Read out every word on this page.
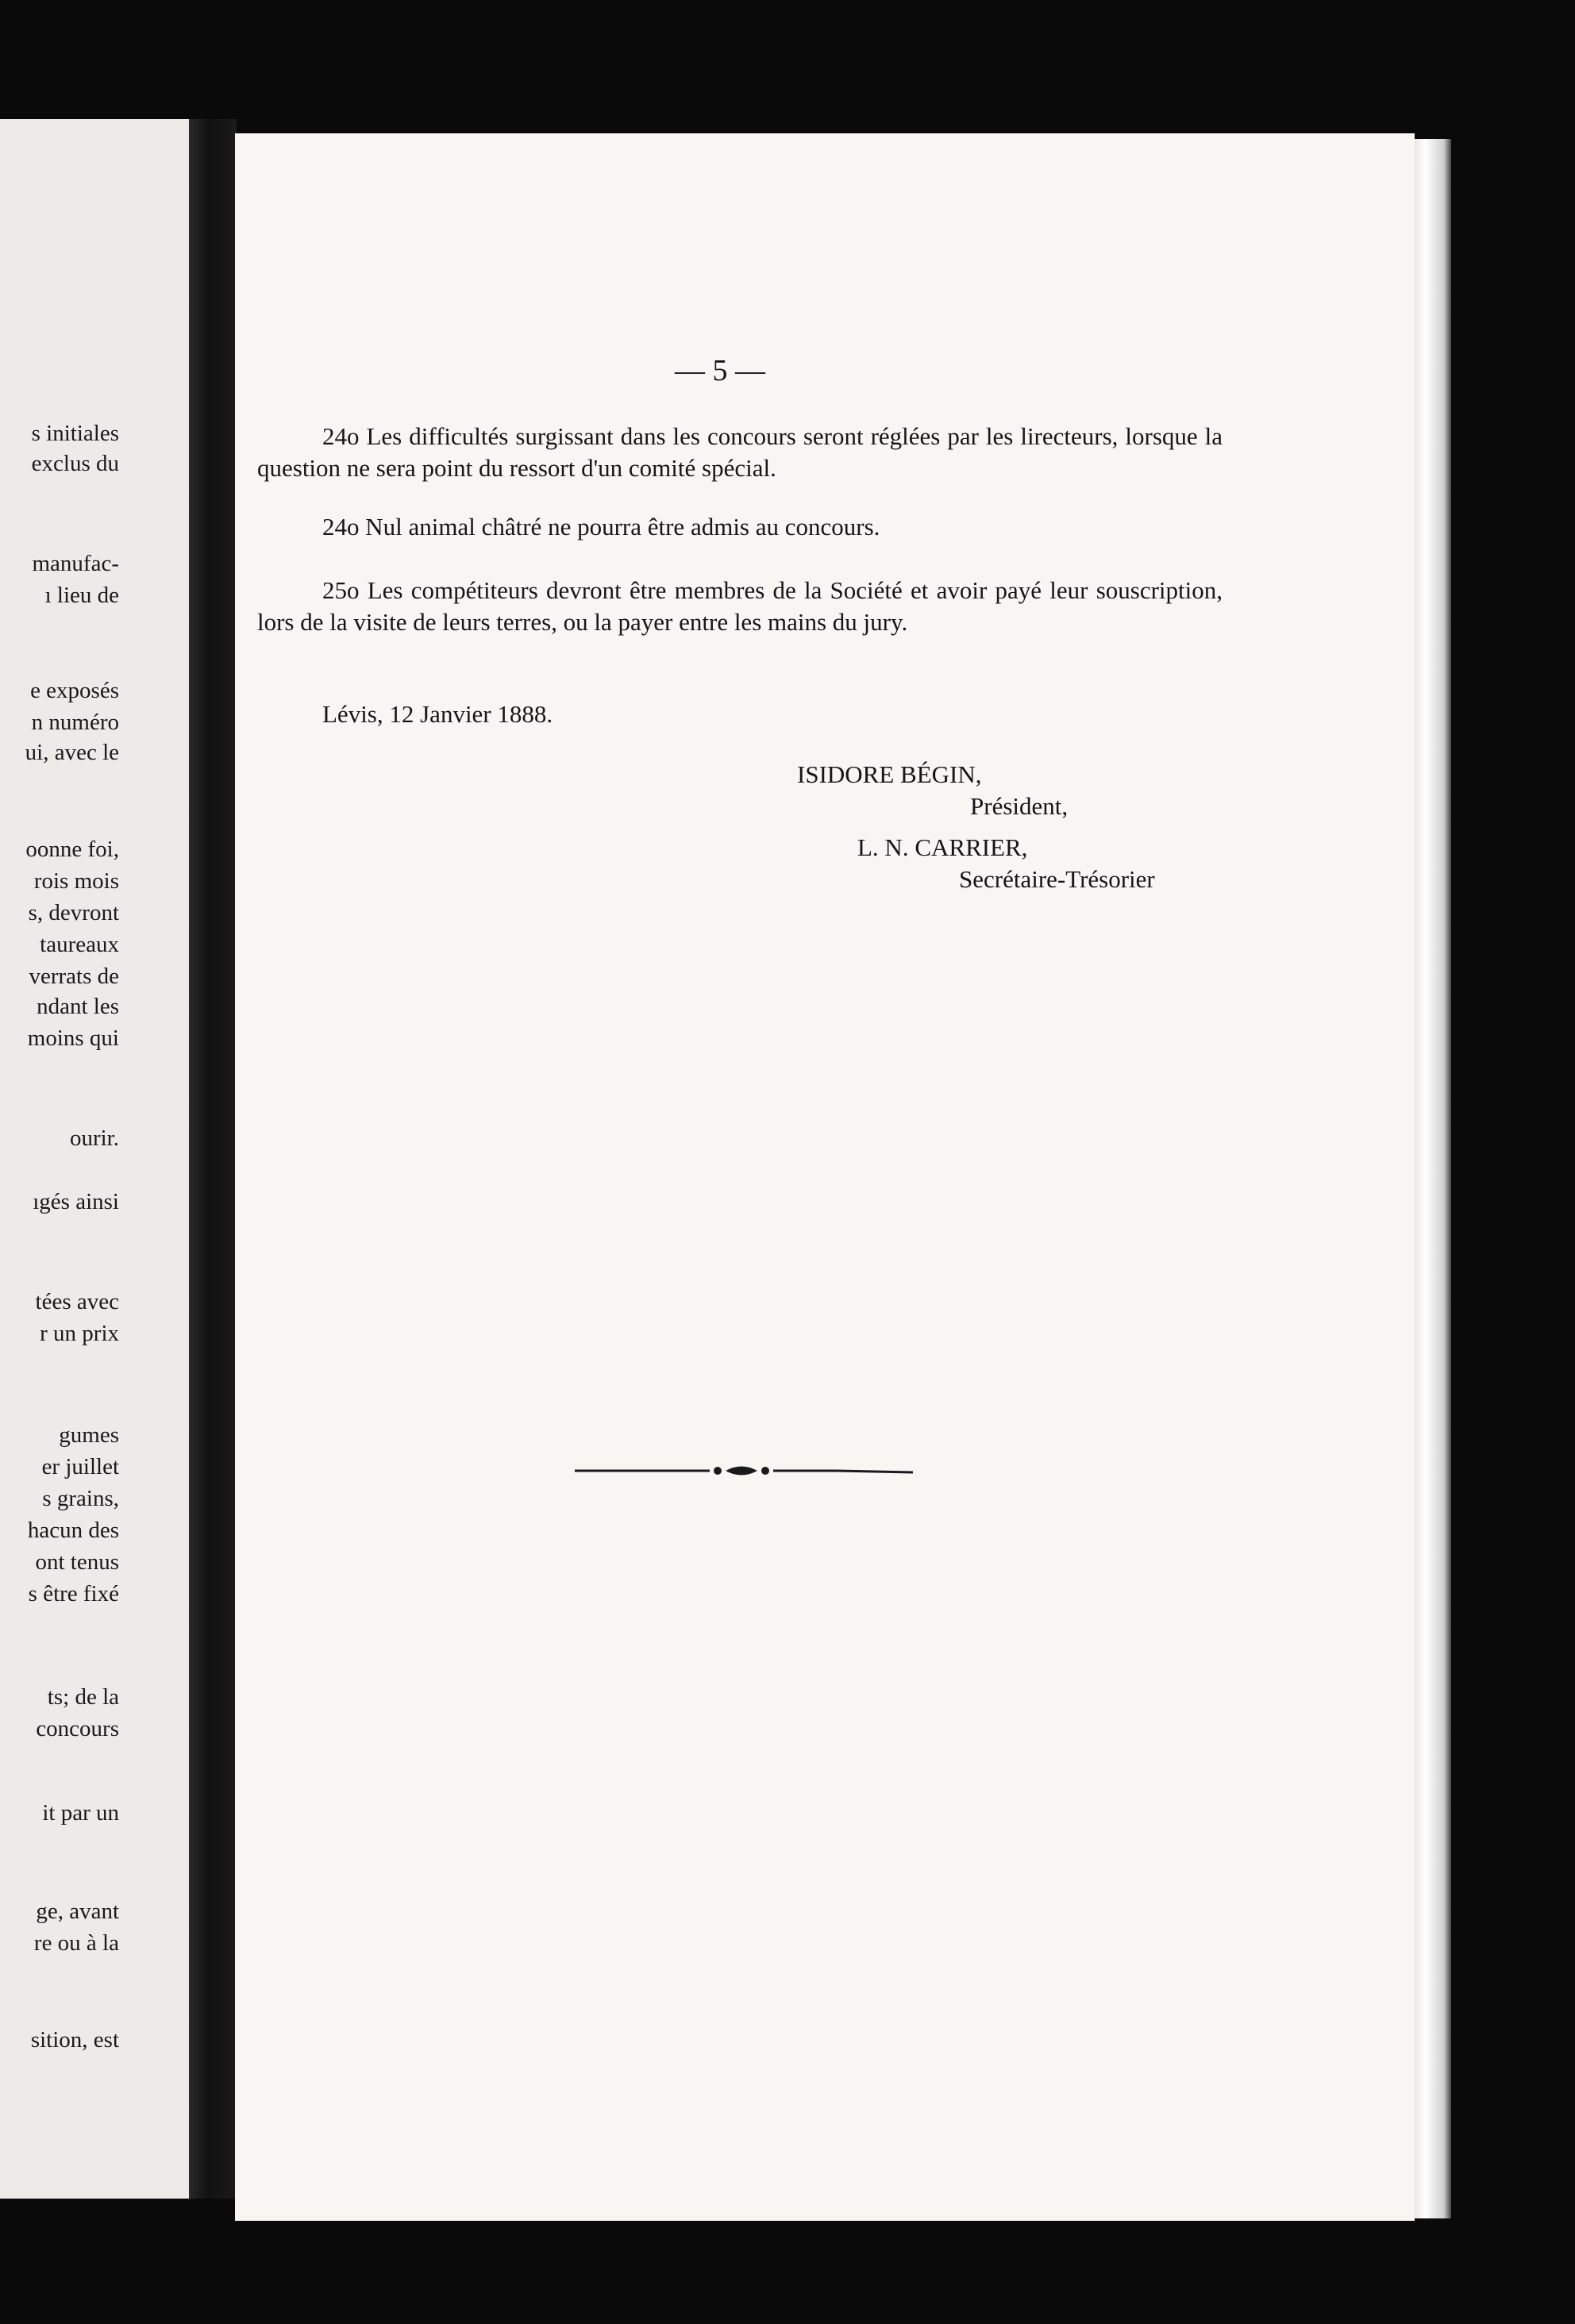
s initiales
exclus du
manufac-
ı lieu de
e exposés
n numéro
ui, avec le
oonne foi,
rois mois
s, devront
taureaux
verrats de
ndant les
moins qui
ourir.
ıgés ainsi
tées avec
r un prix
gumes
er juillet
s grains,
hacun des
ont tenus
s être fixé
ts; de la
concours
it par un
ge, avant
re ou à la
sition, est
— 5 —
24o Les difficultés surgissant dans les concours seront réglées par les lirecteurs, lorsque la question ne sera point du ressort d'un comité spécial.
24o Nul animal châtré ne pourra être admis au concours.
25o Les compétiteurs devront être membres de la Société et avoir payé leur souscription, lors de la visite de leurs terres, ou la payer entre les mains du jury.
Lévis, 12 Janvier 1888.
ISIDORE BÉGIN,
Président,
L. N. CARRIER,
Secrétaire-Trésorier
